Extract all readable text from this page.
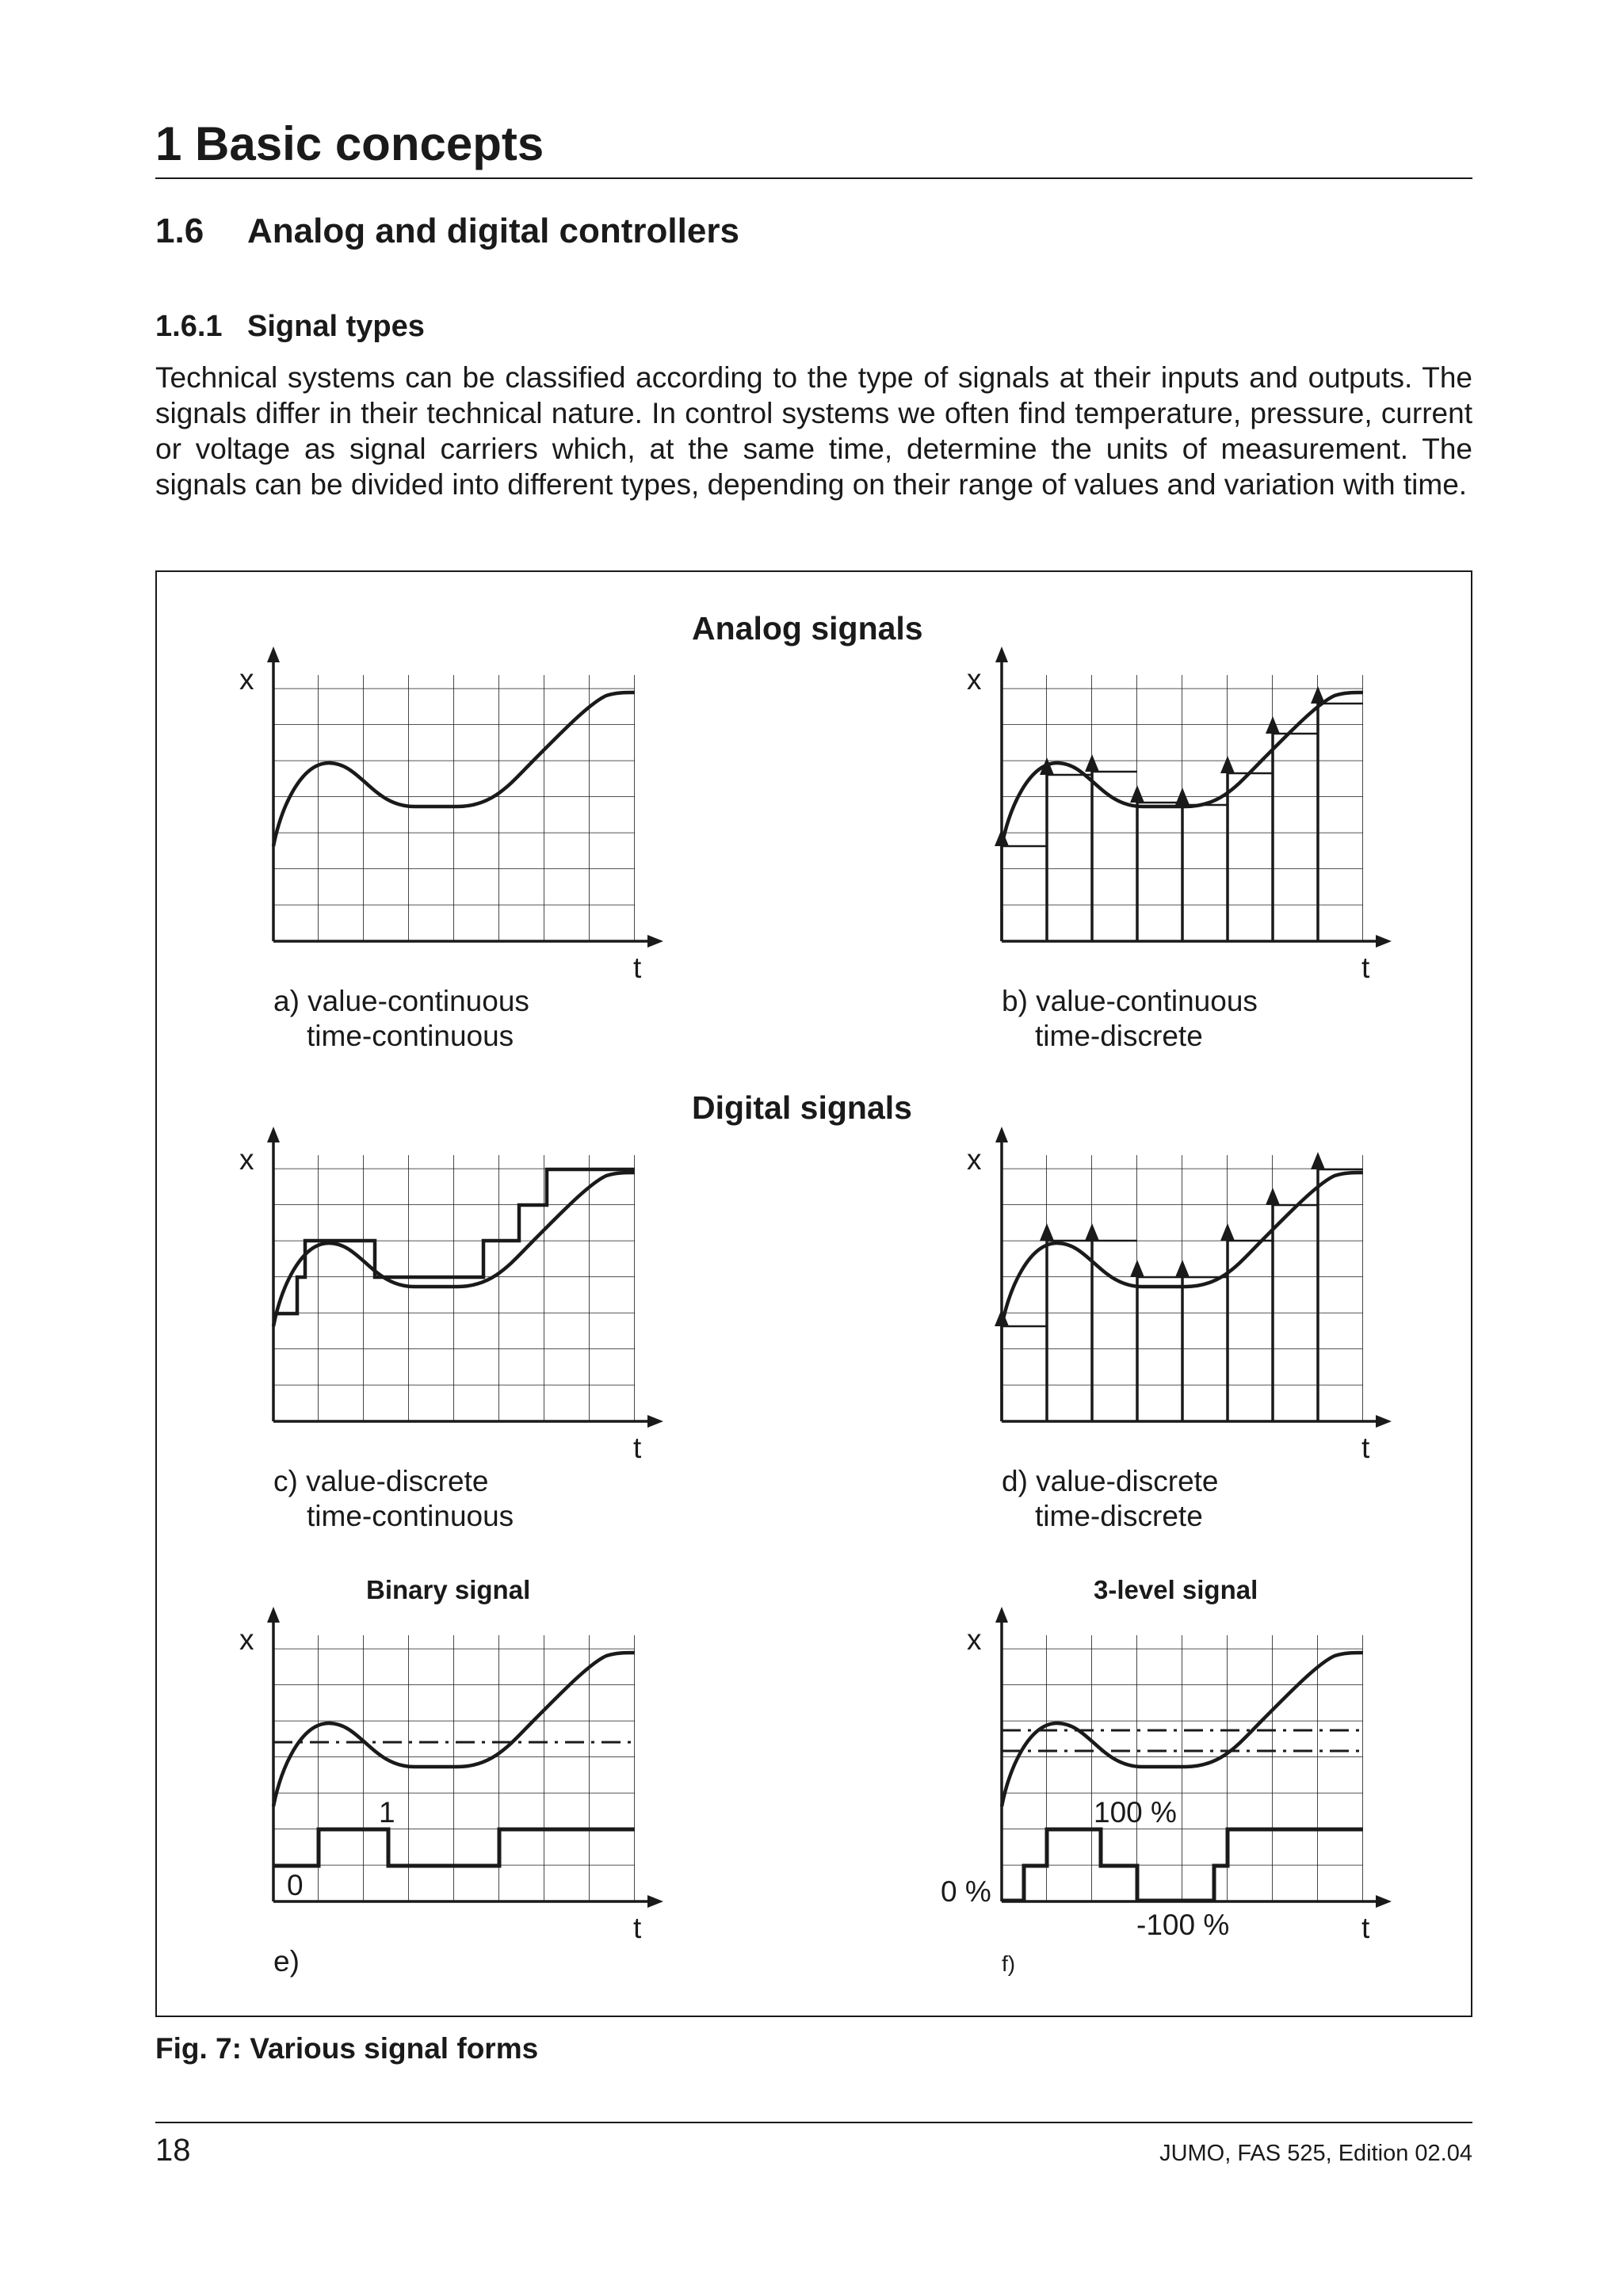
1 Basic concepts
1.6 Analog and digital controllers
1.6.1 Signal types

Technical systems can be classified according to the type of signals at their inputs and outputs. The signals differ in their technical nature. In control systems we often find temperature, pressure, current or voltage as signal carriers which, at the same time, determine the units of measurement. The signals can be divided into different types, depending on their range of values and variation with time.

Analog signals
Digital signals
Binary signal	3-level signal
x	x
x	x
x	x
t	t
t	t
t	t
a) value-continuous
time-continuous
b) value-continuous
time-discrete
c) value-discrete
time-continuous
d) value-discrete
time-discrete
e)
1
0
100 %
0 %
-100 %
f)

Fig. 7: Various signal forms

18	JUMO, FAS 525, Edition 02.04
